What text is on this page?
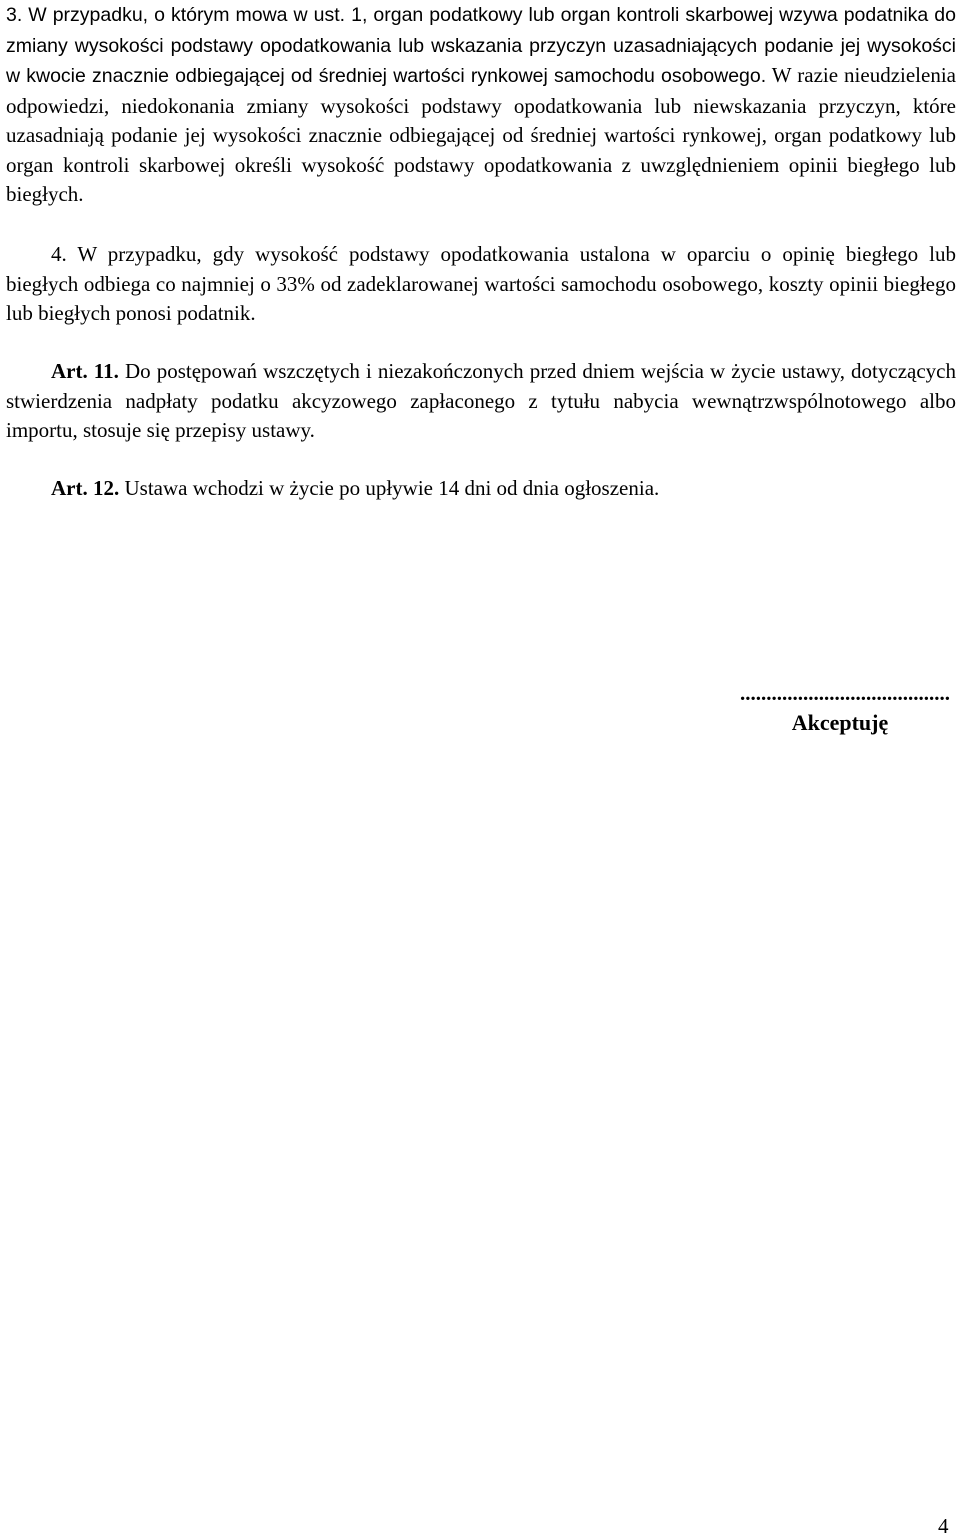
3. W przypadku, o którym mowa w ust. 1, organ podatkowy lub organ kontroli skarbowej wzywa podatnika do zmiany wysokości podstawy opodatkowania lub wskazania przyczyn uzasadniających podanie jej wysokości w kwocie znacznie odbiegającej od średniej wartości rynkowej samochodu osobowego. W razie nieudzielenia odpowiedzi, niedokonania zmiany wysokości podstawy opodatkowania lub niewskazania przyczyn, które uzasadniają podanie jej wysokości znacznie odbiegającej od średniej wartości rynkowej, organ podatkowy lub organ kontroli skarbowej określi wysokość podstawy opodatkowania z uwzględnieniem opinii biegłego lub biegłych.

4. W przypadku, gdy wysokość podstawy opodatkowania ustalona w oparciu o opinię biegłego lub biegłych odbiega co najmniej o 33% od zadeklarowanej wartości samochodu osobowego, koszty opinii biegłego lub biegłych ponosi podatnik.

Art. 11. Do postępowań wszczętych i niezakończonych przed dniem wejścia w życie ustawy, dotyczących stwierdzenia nadpłaty podatku akcyzowego zapłaconego z tytułu nabycia wewnątrzwspólnotowego albo importu, stosuje się przepisy ustawy.

Art. 12. Ustawa wchodzi w życie po upływie 14 dni od dnia ogłoszenia.

........................................
Akceptuję
4
